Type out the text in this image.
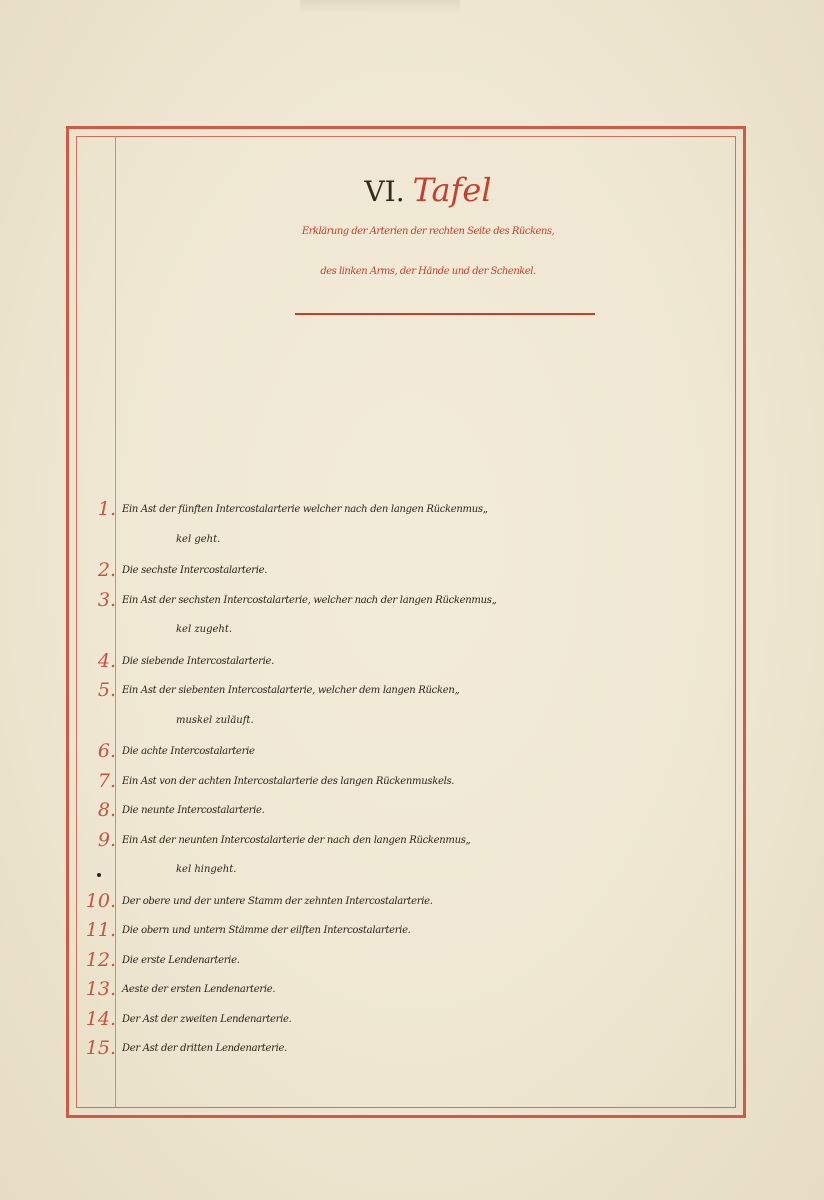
VI. Tafel
Erklärung der Arterien der rechten Seite des Rückens,
des linken Arms, der Hände und der Schenkel.
1. Ein Ast der fünften Intercostalarterie welcher nach den langen Rückenmus„
kel geht.
2. Die sechste Intercostalarterie.
3. Ein Ast der sechsten Intercostalarterie, welcher nach der langen Rückenmus„
kel zugeht.
4. Die siebende Intercostalarterie.
5. Ein Ast der siebenten Intercostalarterie, welcher dem langen Rücken„
muskel zuläuft.
6. Die achte Intercostalarterie
7. Ein Ast von der achten Intercostalarterie des langen Rückenmuskels.
8. Die neunte Intercostalarterie.
9. Ein Ast der neunten Intercostalarterie der nach den langen Rückenmus„
kel hingeht.
10. Der obere und der untere Stamm der zehnten Intercostalarterie.
11. Die obern und untern Stämme der eilften Intercostalarterie.
12. Die erste Lendenarterie.
13. Aeste der ersten Lendenarterie.
14. Der Ast der zweiten Lendenarterie.
15. Der Ast der dritten Lendenarterie.
